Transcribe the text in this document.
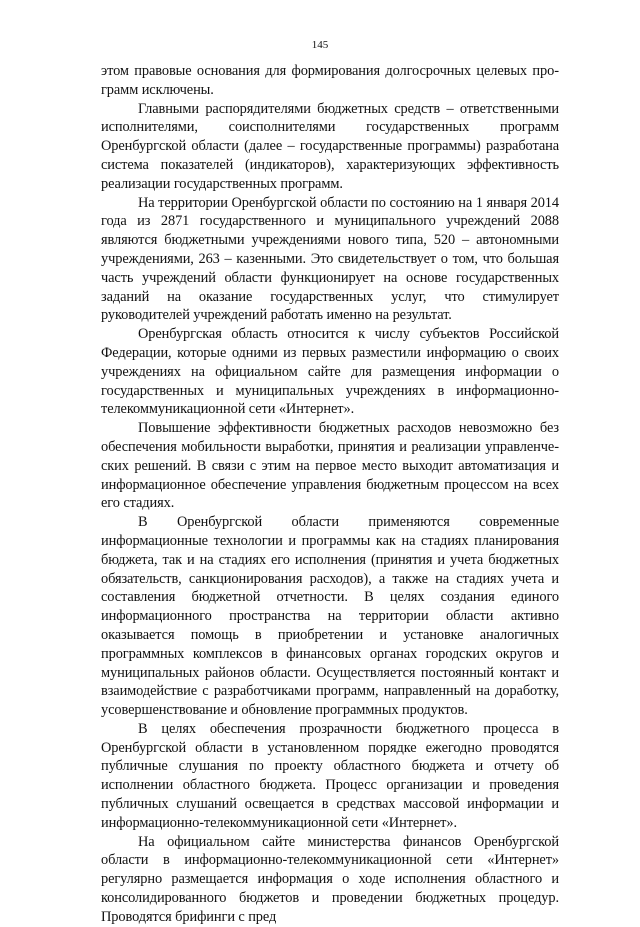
145

этом правовые основания для формирования долгосрочных целевых программ исключены.

Главными распорядителями бюджетных средств – ответственными исполнителями, соисполнителями государственных программ Оренбургской области (далее – государственные программы) разработана система показателей (индикаторов), характеризующих эффективность реализации государственных программ.

На территории Оренбургской области по состоянию на 1 января 2014 года из 2871 государственного и муниципального учреждений 2088 являются бюджетными учреждениями нового типа, 520 – автономными учреждениями, 263 – казенными. Это свидетельствует о том, что большая часть учреждений области функционирует на основе государственных заданий на оказание государственных услуг, что стимулирует руководителей учреждений работать именно на результат.

Оренбургская область относится к числу субъектов Российской Федерации, которые одними из первых разместили информацию о своих учреждениях на официальном сайте для размещения информации о государственных и муниципальных учреждениях в информационно-телекоммуникационной сети «Интернет».

Повышение эффективности бюджетных расходов невозможно без обеспечения мобильности выработки, принятия и реализации управленческих решений. В связи с этим на первое место выходит автоматизация и информационное обеспечение управления бюджетным процессом на всех его стадиях.

В Оренбургской области применяются современные информационные технологии и программы как на стадиях планирования бюджета, так и на стадиях его исполнения (принятия и учета бюджетных обязательств, санкционирования расходов), а также на стадиях учета и составления бюджетной отчетности. В целях создания единого информационного пространства на территории области активно оказывается помощь в приобретении и установке аналогичных программных комплексов в финансовых органах городских округов и муниципальных районов области. Осуществляется постоянный контакт и взаимодействие с разработчиками программ, направленный на доработку, усовершенствование и обновление программных продуктов.

В целях обеспечения прозрачности бюджетного процесса в Оренбургской области в установленном порядке ежегодно проводятся публичные слушания по проекту областного бюджета и отчету об исполнении областного бюджета. Процесс организации и проведения публичных слушаний освещается в средствах массовой информации и информационно-телекоммуникационной сети «Интернет».

На официальном сайте министерства финансов Оренбургской области в информационно-телекоммуникационной сети «Интернет» регулярно размещается информация о ходе исполнения областного и консолидированного бюджетов и проведении бюджетных процедур. Проводятся брифинги с пред
